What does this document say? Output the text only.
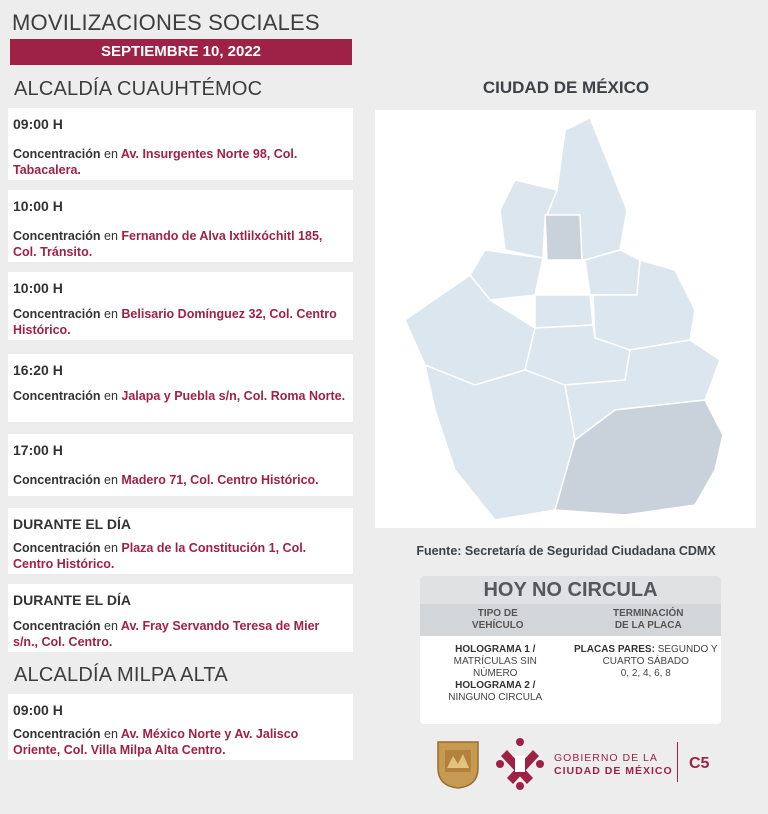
MOVILIZACIONES SOCIALES
SEPTIEMBRE 10, 2022
ALCALDÍA CUAUHTÉMOC
09:00 H
Concentración en Av. Insurgentes Norte 98, Col. Tabacalera.
10:00 H
Concentración en Fernando de Alva Ixtlilxóchitl 185, Col. Tránsito.
10:00 H
Concentración en Belisario Domínguez 32, Col. Centro Histórico.
16:20 H
Concentración en Jalapa y Puebla s/n, Col. Roma Norte.
17:00 H
Concentración en Madero 71, Col. Centro Histórico.
DURANTE EL DÍA
Concentración en Plaza de la Constitución 1, Col. Centro Histórico.
DURANTE EL DÍA
Concentración en Av. Fray Servando Teresa de Mier s/n., Col. Centro.
ALCALDÍA MILPA ALTA
09:00 H
Concentración en Av. México Norte y Av. Jalisco Oriente, Col. Villa Milpa Alta Centro.
CIUDAD DE MÉXICO
Fuente: Secretaría de Seguridad Ciudadana CDMX
HOY NO CIRCULA
TIPO DE VEHÍCULO
TERMINACIÓN DE LA PLACA
HOLOGRAMA 1 /
MATRÍCULAS SIN NÚMERO
HOLOGRAMA 2 /
NINGUNO CIRCULA
PLACAS PARES: SEGUNDO Y CUARTO SÁBADO
0, 2, 4, 6, 8
GOBIERNO DE LA
CIUDAD DE MÉXICO C5
